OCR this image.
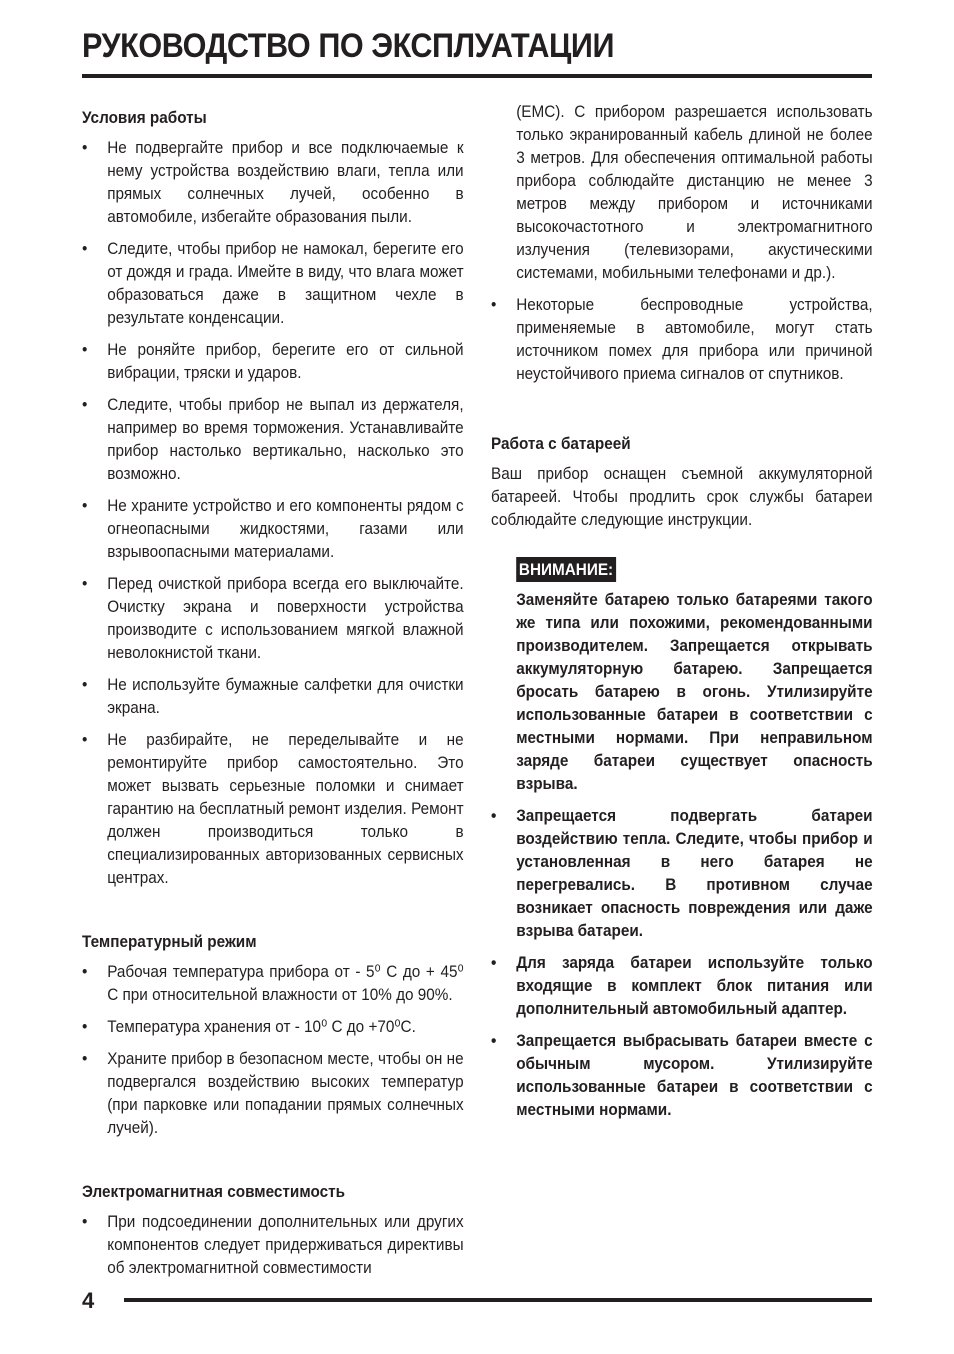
РУКОВОДСТВО ПО ЭКСПЛУАТАЦИИ
Условия работы
• Не подвергайте прибор и все подключаемые к нему устройства воздействию влаги, тепла или прямых солнечных лучей, особенно в автомобиле, избегайте образования пыли.
• Следите, чтобы прибор не намокал, берегите его от дождя и града. Имейте в виду, что влага может образоваться даже в защитном чехле в результате конденсации.
• Не роняйте прибор, берегите его от сильной вибрации, тряски и ударов.
• Следите, чтобы прибор не выпал из держателя, например во время торможения. Устанавливайте прибор настолько вертикально, насколько это возможно.
• Не храните устройство и его компоненты рядом с огнеопасными жидкостями, газами или взрывоопасными материалами.
• Перед очисткой прибора всегда его выключайте. Очистку экрана и поверхности устройства производите с использованием мягкой влажной неволокнистой ткани.
• Не используйте бумажные салфетки для очистки экрана.
• Не разбирайте, не переделывайте и не ремонтируйте прибор самостоятельно. Это может вызвать серьезные поломки и снимает гарантию на бесплатный ремонт изделия. Ремонт должен производиться только в специализированных авторизованных сервисных центрах.
Температурный режим
• Рабочая температура прибора от - 5⁰ С до + 45⁰ С при относительной влажности от 10% до 90%.
• Температура хранения от - 10⁰ С до +70⁰С.
• Храните прибор в безопасном месте, чтобы он не подвергался воздействию высоких температур (при парковке или попадании прямых солнечных лучей).
Электромагнитная совместимость
• При подсоединении дополнительных или других компонентов следует придерживаться директивы об электромагнитной совместимости

(EMC). С прибором разрешается использовать только экранированный кабель длиной не более 3 метров. Для обеспечения оптимальной работы прибора соблюдайте дистанцию не менее 3 метров между прибором и источниками высокочастотного и электромагнитного излучения (телевизорами, акустическими системами, мобильными телефонами и др.).

• Некоторые беспроводные устройства, применяемые в автомобиле, могут стать источником помех для прибора или причиной неустойчивого приема сигналов от спутников.
Работа с батареей

Ваш прибор оснащен съемной аккумуляторной батареей. Чтобы продлить срок службы батареи соблюдайте следующие инструкции.

ВНИМАНИЕ:

Заменяйте батарею только батареями такого же типа или похожими, рекомендованными производителем. Запрещается открывать аккумуляторную батарею. Запрещается бросать батарею в огонь. Утилизируйте использованные батареи в соответствии с местными нормами. При неправильном заряде батареи существует опасность взрыва.

• Запрещается подвергать батареи воздействию тепла. Следите, чтобы прибор и установленная в него батарея не перегревались. В противном случае возникает опасность повреждения или даже взрыва батареи.
• Для заряда батареи используйте только входящие в комплект блок питания или дополнительный автомобильный адаптер.
• Запрещается выбрасывать батареи вместе с обычным мусором. Утилизируйте использованные батареи в соответствии с местными нормами.

4
